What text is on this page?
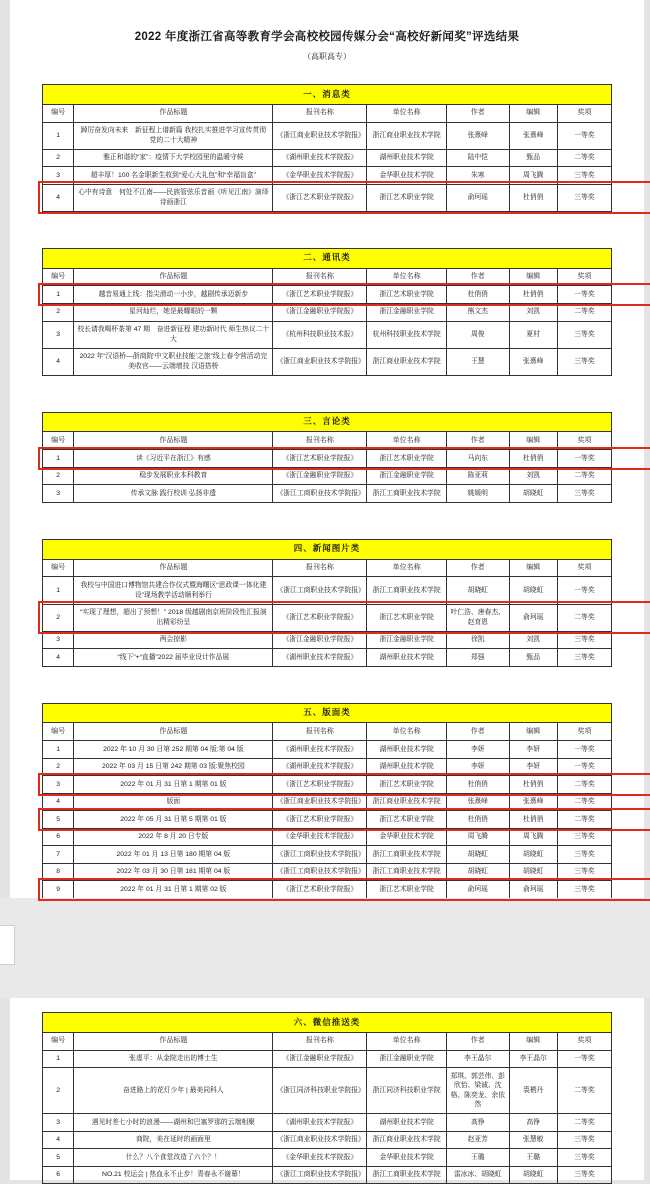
2022 年度浙江省高等教育学会高校校园传媒分会“高校好新闻奖”评选结果
（高职高专）
一、消息类						
编号	作品标题	报刊名称	单位名称	作者	编辑	奖项
1	踔厉奋发向未来　新征程上谱新篇 我校扎实推进学习宣传贯彻党的二十大精神	《浙江商业职业技术学院报》	浙江商业职业技术学院	张熹峰	张熹峰	一等奖
2	雅正和谐的“家”：疫情下大学校园里的温暖守候	《湖州职业技术学院报》	湖州职业技术学院	陆中恺	甄品	二等奖
3	超丰厚！100 名金职新生收到“爱心大礼包”和“幸福盲盒”	《金华职业技术学院报》	金华职业技术学院	朱寒	周飞腾	三等奖
4	心中有诗意　何处不江南——民族管弦乐音画《听见江南》演绎诗画浙江	《浙江艺术职业学院报》	浙江艺术职业学院	俞珂瑶	杜俏俏	三等奖
二、通讯类						
编号	作品标题	报刊名称	单位名称	作者	编辑	奖项
1	越音易通上线：指尖滑动一小步，越剧传承迈新步	《浙江艺术职业学院报》	浙江艺术职业学院	杜俏俏	杜俏俏	一等奖
2	星河灿烂，她是最耀眼的一颗	《浙江金融职业学院报》	浙江金融职业学院	熊文杰	刘凯	二等奖
3	校长请我喝杯茶第 47 期　奋进新征程 建功新时代 师生热议二十大	《杭州科技职业技术报》	杭州科技职业技术学院	周俊	夏村	三等奖
4	2022 年“汉语桥—浙商院‘中文职业技能’之旅”线上春令营活动完美收官——云端增技 汉语搭桥	《浙江商业职业技术学院报》	浙江商业职业技术学院	王慧	张熹峰	三等奖
三、言论类						
编号	作品标题	报刊名称	单位名称	作者	编辑	奖项
1	读《习近平在浙江》有感	《浙江艺术职业学院报》	浙江艺术职业学院	马向东	杜俏俏	一等奖
2	稳步发展职业本科教育	《浙江金融职业学院报》	浙江金融职业学院	陈亚莉	刘凯	二等奖
3	传承文脉 践行校训 弘扬非遗	《浙江工商职业技术学院报》	浙江工商职业技术学院	姚媛明	胡晓虹	三等奖
四、新闻图片类						
编号	作品标题	报刊名称	单位名称	作者	编辑	奖项
1	我校与中国进口博物馆共建合作仪式暨海曙区“思政课一体化建设”现场教学活动顺利举行	《浙江工商职业技术学院报》	浙江工商职业技术学院	胡晓虹	胡晓虹	一等奖
2	“实现了理想，超出了预想！” 2018 级越剧南京班阶段性汇报演出精彩纷呈	《浙江艺术职业学院报》	浙江艺术职业学院	叶仁浩、唐春杰、赵育恩	俞珂瑶	二等奖
3	两会掠影	《浙江金融职业学院报》	浙江金融职业学院	徐凯	刘凯	三等奖
4	“线下”+“直播”2022 届毕业设计作品展	《湖州职业技术学院报》	湖州职业技术学院	郑强	甄品	三等奖
五、版面类						
编号	作品标题	报刊名称	单位名称	作者	编辑	奖项
1	2022 年 10 月 30 日第 252 期第 04 版:第 04 版	《湖州职业技术学院报》	湖州职业技术学院	李妍	李妍	一等奖
2	2022 年 03 月 15 日第 242 期第 03 版:聚焦校园	《湖州职业技术学院报》	湖州职业技术学院	李妍	李妍	一等奖
3	2022 年 01 月 31 日第 1 期第 01 版	《浙江艺术职业学院报》	浙江艺术职业学院	杜俏俏	杜俏俏	二等奖
4	版面	《浙江商业职业技术学院报》	浙江商业职业技术学院	张熹峰	张熹峰	二等奖
5	2022 年 05 月 31 日第 5 期第 01 版	《浙江艺术职业学院报》	浙江艺术职业学院	杜俏俏	杜俏俏	二等奖
6	2022 年 8 月 20 日专版	《金华职业技术学院报》	金华职业技术学院	周飞腾	周飞腾	三等奖
7	2022 年 01 月 13 日第 180 期第 04 版	《浙江工商职业技术学院报》	浙江工商职业技术学院	胡晓虹	胡晓虹	三等奖
8	2022 年 03 月 30 日第 181 期第 04 版	《浙江工商职业技术学院报》	浙江工商职业技术学院	胡晓虹	胡晓虹	三等奖
9	2022 年 01 月 31 日第 1 期第 02 版	《浙江艺术职业学院报》	浙江艺术职业学院	俞珂瑶	俞珂瑶	三等奖
六、微信推送类						
编号	作品标题	报刊名称	单位名称	作者	编辑	奖项
1	张虚平：从金院走出的博士生	《浙江金融职业学院报》	浙江金融职业学院	李王晶尔	李王晶尔	一等奖
2	奋进路上的花灯少年 | 最美同科人	《浙江同济科技职业学院报》	浙江同济科技职业学院	郑琪、郭芸伟、彭欣怡、梁诚、沈格、陈奕龙、余依然	裘栖丹	二等奖
3	遇见时差七小时的浪漫——湖州和巴塞罗那的云端相聚	《湖州职业技术学院报》	湖州职业技术学院	高铮	高铮	二等奖
4	商院，美在延时的画面里	《浙江商业职业技术学院报》	浙江商业职业技术学院	赵亚芳	张慧敏	三等奖
5	什么？八个食堂改造了六个？！	《金华职业技术学院报》	金华职业技术学院	王璐	王璐	三等奖
6	NO.21 校运会 | 热血永不止步！青春永不谢幕！	《浙江工商职业技术学院报》	浙江工商职业技术学院	雷冰冰、胡晓虹	胡晓虹	三等奖
